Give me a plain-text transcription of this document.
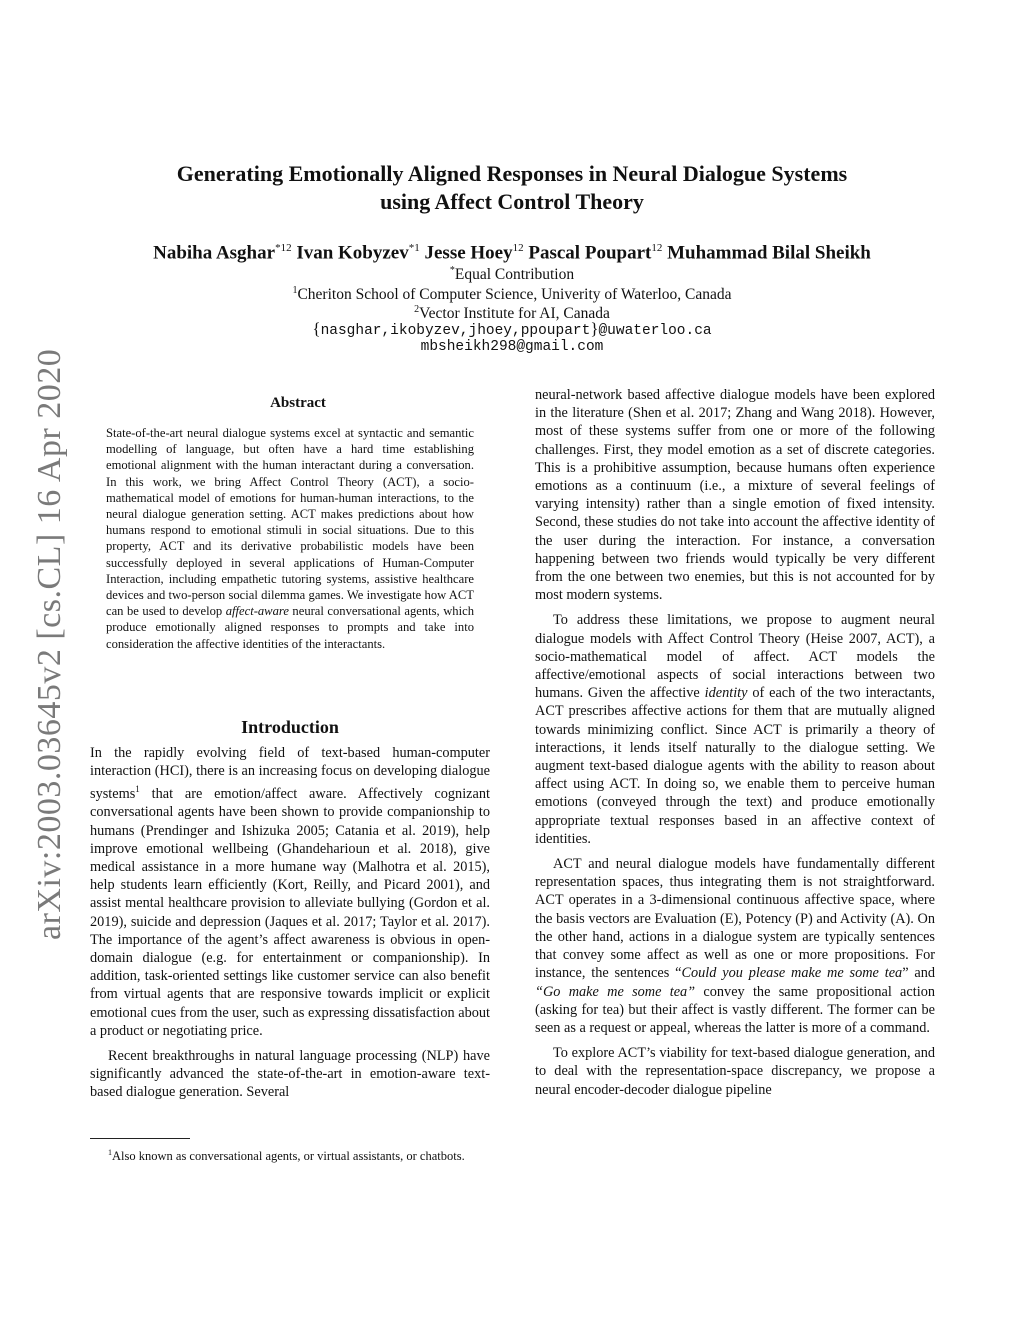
arXiv:2003.03645v2 [cs.CL] 16 Apr 2020
Generating Emotionally Aligned Responses in Neural Dialogue Systems
using Affect Control Theory
Nabiha Asghar$^{*12}$ Ivan Kobyzev$^{*1}$ Jesse Hoey$^{12}$ Pascal Poupart$^{12}$ Muhammad Bilal Sheikh
*Equal Contribution
$^1$Cheriton School of Computer Science, Univerity of Waterloo, Canada
$^2$Vector Institute for AI, Canada
{nasghar,ikobyzev,jhoey,ppoupart}@uwaterloo.ca
mbsheikh298@gmail.com
Abstract
State-of-the-art neural dialogue systems excel at syntactic and semantic modelling of language, but often have a hard time establishing emotional alignment with the human interactant during a conversation. In this work, we bring Affect Control Theory (ACT), a socio-mathematical model of emotions for human-human interactions, to the neural dialogue generation setting. ACT makes predictions about how humans respond to emotional stimuli in social situations. Due to this property, ACT and its derivative probabilistic models have been successfully deployed in several applications of Human-Computer Interaction, including empathetic tutoring systems, assistive healthcare devices and two-person social dilemma games. We investigate how ACT can be used to develop affect-aware neural conversational agents, which produce emotionally aligned responses to prompts and take into consideration the affective identities of the interactants.
Introduction

In the rapidly evolving field of text-based human-computer interaction (HCI), there is an increasing focus on developing dialogue systems$^1$ that are emotion/affect aware. Affectively cognizant conversational agents have been shown to provide companionship to humans (Prendinger and Ishizuka 2005; Catania et al. 2019), help improve emotional wellbeing (Ghandeharioun et al. 2018), give medical assistance in a more humane way (Malhotra et al. 2015), help students learn efficiently (Kort, Reilly, and Picard 2001), and assist mental healthcare provision to alleviate bullying (Gordon et al. 2019), suicide and depression (Jaques et al. 2017; Taylor et al. 2017). The importance of the agent’s affect awareness is obvious in open-domain dialogue (e.g. for entertainment or companionship). In addition, task-oriented settings like customer service can also benefit from virtual agents that are responsive towards implicit or explicit emotional cues from the user, such as expressing dissatisfaction about a product or negotiating price.

Recent breakthroughs in natural language processing (NLP) have significantly advanced the state-of-the-art in emotion-aware text-based dialogue generation. Several

$^1$Also known as conversational agents, or virtual assistants, or chatbots.

neural-network based affective dialogue models have been explored in the literature (Shen et al. 2017; Zhang and Wang 2018). However, most of these systems suffer from one or more of the following challenges. First, they model emotion as a set of discrete categories. This is a prohibitive assumption, because humans often experience emotions as a continuum (i.e., a mixture of several feelings of varying intensity) rather than a single emotion of fixed intensity. Second, these studies do not take into account the affective identity of the user during the interaction. For instance, a conversation happening between two friends would typically be very different from the one between two enemies, but this is not accounted for by most modern systems.

To address these limitations, we propose to augment neural dialogue models with Affect Control Theory (Heise 2007, ACT), a socio-mathematical model of affect. ACT models the affective/emotional aspects of social interactions between two humans. Given the affective identity of each of the two interactants, ACT prescribes affective actions for them that are mutually aligned towards minimizing conflict. Since ACT is primarily a theory of interactions, it lends itself naturally to the dialogue setting. We augment text-based dialogue agents with the ability to reason about affect using ACT. In doing so, we enable them to perceive human emotions (conveyed through the text) and produce emotionally appropriate textual responses based in an affective context of identities.

ACT and neural dialogue models have fundamentally different representation spaces, thus integrating them is not straightforward. ACT operates in a 3-dimensional continuous affective space, where the basis vectors are Evaluation (E), Potency (P) and Activity (A). On the other hand, actions in a dialogue system are typically sentences that convey some affect as well as one or more propositions. For instance, the sentences “Could you please make me some tea” and “Go make me some tea” convey the same propositional action (asking for tea) but their affect is vastly different. The former can be seen as a request or appeal, whereas the latter is more of a command.

To explore ACT’s viability for text-based dialogue generation, and to deal with the representation-space discrepancy, we propose a neural encoder-decoder dialogue pipeline
